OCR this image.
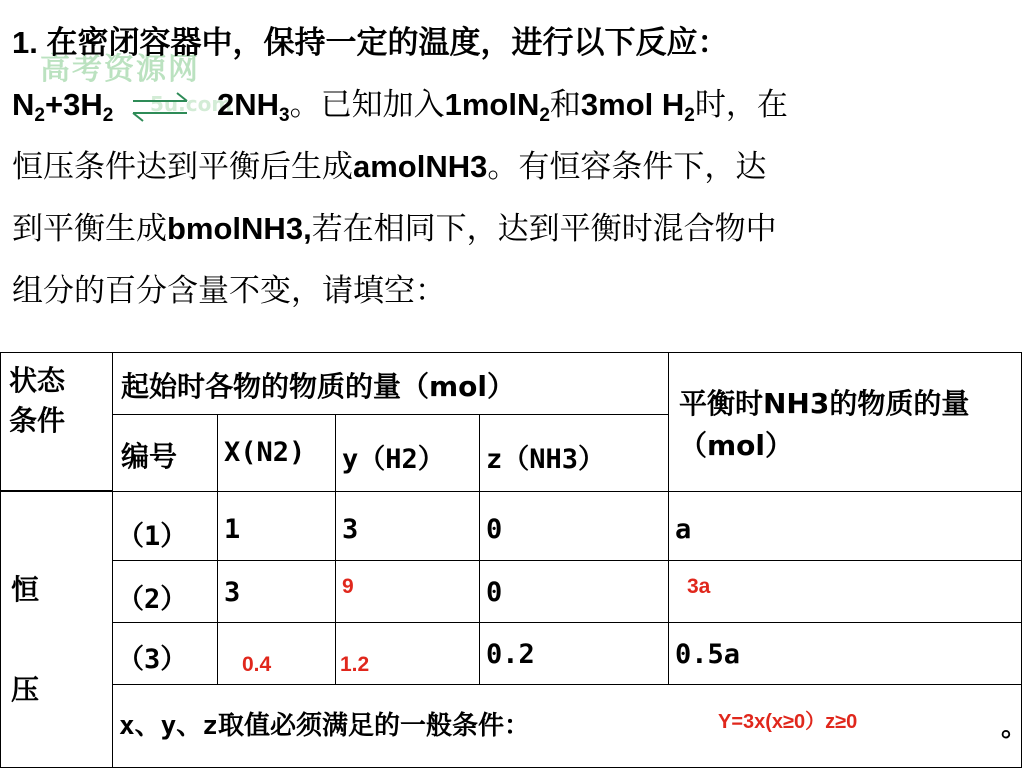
高考资源网
5u.com
1. 在密闭容器中，保持一定的温度，进行以下反应：
$N_2+3H_2$ ⇌ $2NH_3$。已知加入1molN$_2$和3mol $H_2$时，在
恒压条件达到平衡后生成amolNH3。有恒容条件下，达
到平衡生成bmolNH3,若在相同下，达到平衡时混合物中
组分的百分含量不变，请填空：
状态
条件
起始时各物的物质的量（mol）
平衡时NH3的物质的量（mol）
编号 X(N2) y（H2） z（NH3）
恒
压
（1） 1	3	0	a
（2） 3	9	0	3a
（3）	0.4	1.2	0.2	0.5a
x、y、z取值必须满足的一般条件：	Y=3x(x≥0）z≥0	。
